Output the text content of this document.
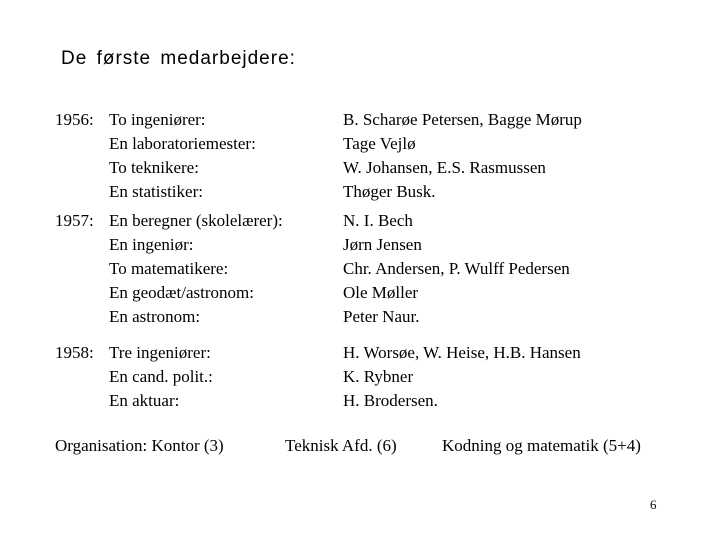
De første medarbejdere:
1956: To ingeniører:	B. Scharøe Petersen, Bagge Mørup
En laboratoriemester:	Tage Vejlø
To teknikere:	W. Johansen, E.S. Rasmussen
En statistiker:	Thøger Busk.
1957: En beregner (skolelærer):	N. I. Bech
En ingeniør:	Jørn Jensen
To matematikere:	Chr. Andersen, P. Wulff Pedersen
En geodæt/astronom:	Ole Møller
En astronom:	Peter Naur.
1958: Tre ingeniører:	H. Worsøe, W. Heise, H.B. Hansen
En cand. polit.:	K. Rybner
En aktuar:	H. Brodersen.
Organisation: Kontor (3)	Teknisk Afd. (6)	Kodning og matematik (5+4)
6
